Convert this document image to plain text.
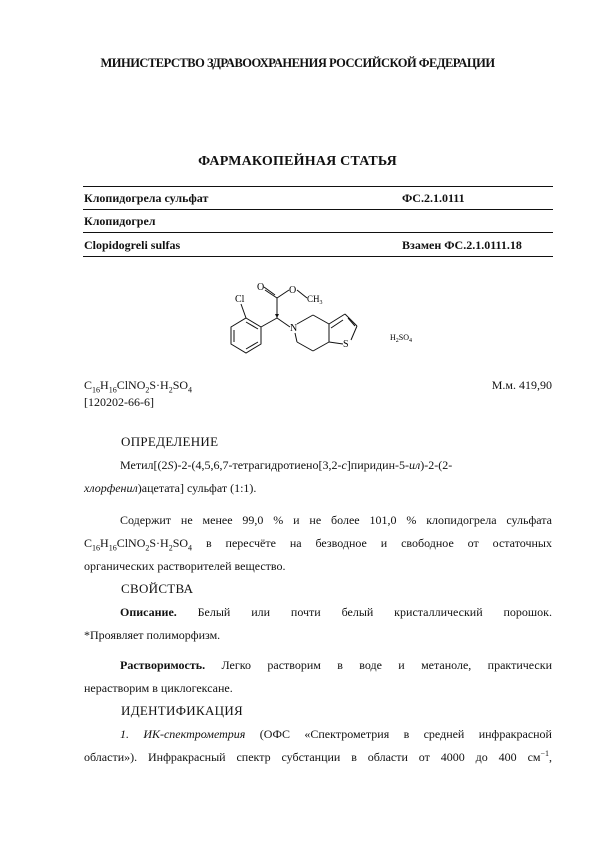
МИНИСТЕРСТВО ЗДРАВООХРАНЕНИЯ РОССИЙСКОЙ ФЕДЕРАЦИИ
ФАРМАКОПЕЙНАЯ СТАТЬЯ
Клопидогрела сульфат	ФС.2.1.0111
Клопидогрел
Clopidogreli sulfas	Взамен ФС.2.1.0111.18
Cl
O O
$CH_3$
N
S
$H_2SO_4$
$C_{16}H_{16}ClNO_2S\cdot H_2SO_4$	М.м. 419,90
[120202-66-6]
ОПРЕДЕЛЕНИЕ
Метил[(2S)-2-(4,5,6,7-тетрагидротиено[3,2-c]пиридин-5-ил)-2-(2-
хлорфенил)ацетата] сульфат (1:1).
Содержит не менее 99,0 % и не более 101,0 % клопидогрела сульфата
$C_{16}H_{16}ClNO_2S\cdot H_2SO_4$ в пересчёте на безводное и свободное от остаточных
органических растворителей вещество.
СВОЙСТВА
Описание. Белый или почти белый кристаллический порошок.
*Проявляет полиморфизм.
Растворимость. Легко растворим в воде и метаноле, практически
нерастворим в циклогексане.
ИДЕНТИФИКАЦИЯ
1. ИК-спектрометрия (ОФС «Спектрометрия в средней инфракрасной
области»). Инфракрасный спектр субстанции в области от 4000 до 400 $см^{-1}$,
